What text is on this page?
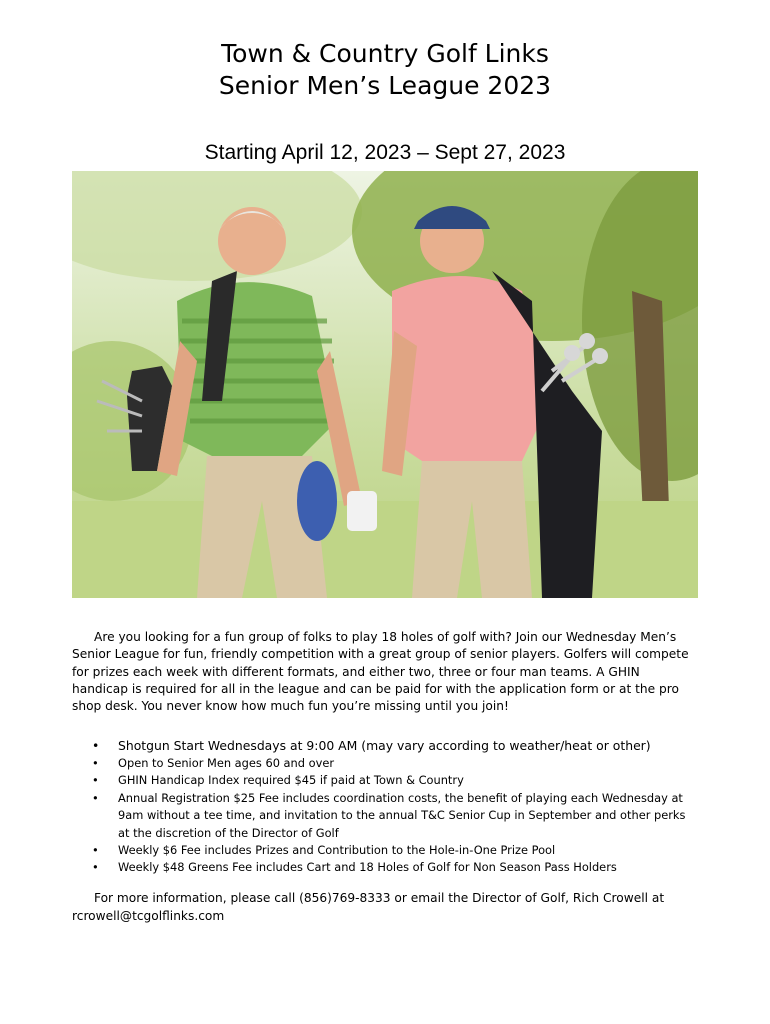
Town & Country Golf Links
Senior Men’s League 2023
Starting April 12, 2023 – Sept 27, 2023
Are you looking for a fun group of folks to play 18 holes of golf with? Join our Wednesday Men’s Senior League for fun, friendly competition with a great group of senior players. Golfers will compete for prizes each week with different formats, and either two, three or four man teams. A GHIN handicap is required for all in the league and can be paid for with the application form or at the pro shop desk. You never know how much fun you’re missing until you join!
• Shotgun Start Wednesdays at 9:00 AM (may vary according to weather/heat or other)
• Open to Senior Men ages 60 and over
• GHIN Handicap Index required $45 if paid at Town & Country
• Annual Registration $25 Fee includes coordination costs, the benefit of playing each Wednesday at 9am without a tee time, and invitation to the annual T&C Senior Cup in September and other perks at the discretion of the Director of Golf
• Weekly $6 Fee includes Prizes and Contribution to the Hole-in-One Prize Pool
• Weekly $48 Greens Fee includes Cart and 18 Holes of Golf for Non Season Pass Holders
For more information, please call (856)769-8333 or email the Director of Golf, Rich Crowell at rcrowell@tcgolflinks.com
